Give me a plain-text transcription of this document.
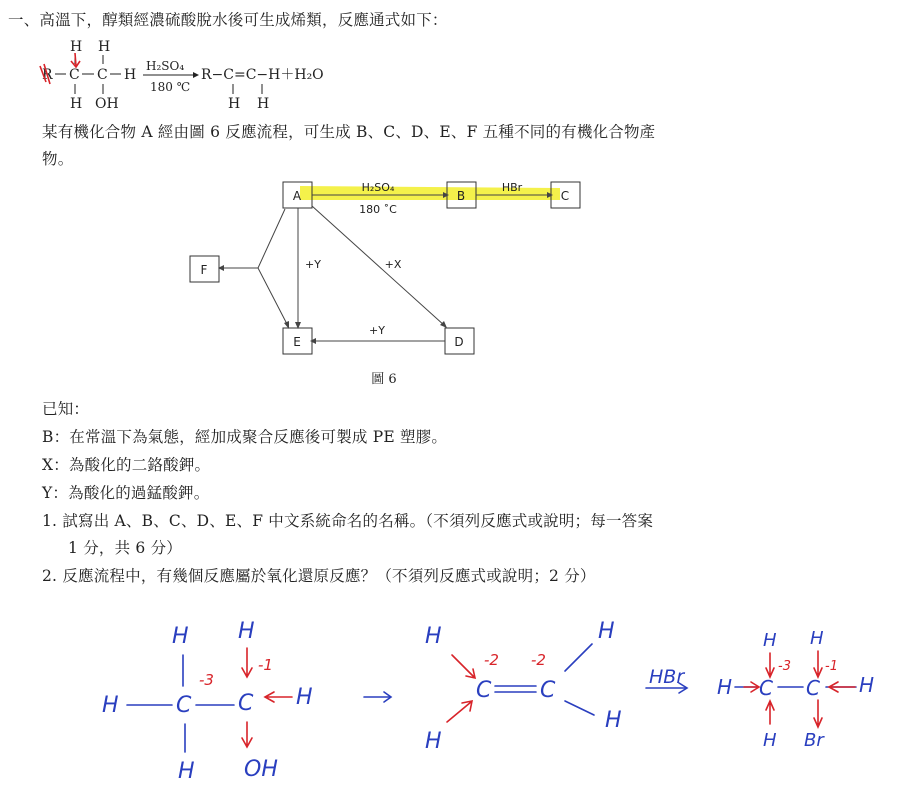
一、高溫下，醇類經濃硫酸脫水後可生成烯類，反應通式如下：
某有機化合物 A 經由圖 6 反應流程，可生成 B、C、D、E、F 五種不同的有機化合物產
物。
已知：
B：在常溫下為氣態，經加成聚合反應後可製成 PE 塑膠。
X：為酸化的二鉻酸鉀。
Y：為酸化的過錳酸鉀。
1. 試寫出 A、B、C、D、E、F 中文系統命名的名稱。（不須列反應式或說明；每一答案
1 分，共 6 分）
2. 反應流程中，有幾個反應屬於氧化還原反應？（不須列反應式或說明；2 分）
H H
R C C H
H OH
H₂SO₄
180 ℃
R−C=C−H＋H₂O
H H
A	B	C
F
E	D
H₂SO₄
180 ˚C
HBr
+Y	+X
+Y
圖 6
H H
H	C C H
H OH
H	H
H
H
C C
HBr
H H
H C C H
H Br
-3
-1	-2 -2	-3	-1
